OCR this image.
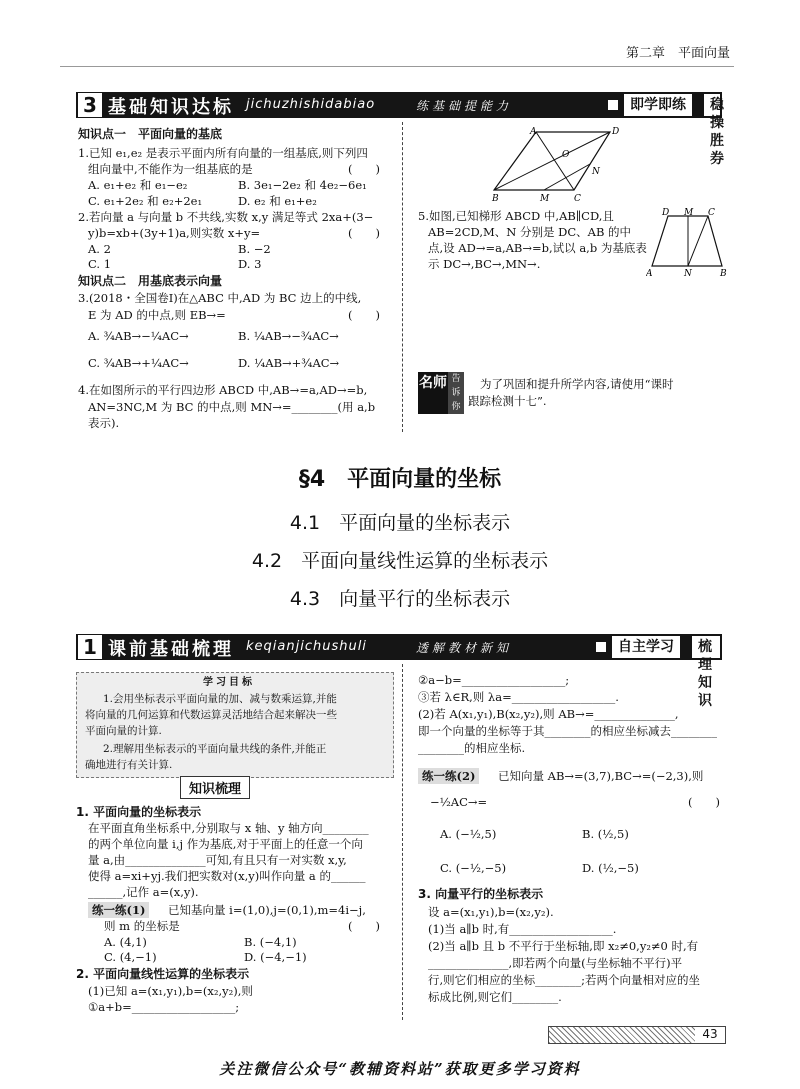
第二章　平面向量
3 基础知识达标 jichuzhishidabiao	练基础提能力	即学即练	稳操胜券
知识点一　平面向量的基底
1.已知 e₁,e₂ 是表示平面内所有向量的一组基底,则下列四
组向量中,不能作为一组基底的是	(　　)
A. e₁+e₂ 和 e₁−e₂	B. 3e₁−2e₂ 和 4e₂−6e₁
C. e₁+2e₂ 和 e₂+2e₁	D. e₂ 和 e₁+e₂
2.若向量 a 与向量 b 不共线,实数 x,y 满足等式 2xa+(3−
y)b=xb+(3y+1)a,则实数 x+y=	(　　)
A. 2	B. −2
C. 1	D. 3
知识点二　用基底表示向量
3.(2018・全国卷Ⅰ)在△ABC 中,AD 为 BC 边上的中线,
E 为 AD 的中点,则 EB→=	(　　)
A. ¾AB→−¼AC→	B. ¼AB→−¾AC→
C. ¾AB→+¼AC→	D. ¼AB→+¾AC→
4.在如图所示的平行四边形 ABCD 中,AB→=a,AD→=b,
AN=3NC,M 为 BC 的中点,则 MN→=________(用 a,b
表示).
A	D
O
N
B	M	C
5.如图,已知梯形 ABCD 中,AB∥CD,且
AB=2CD,M、N 分别是 DC、AB 的中
点,设 AD→=a,AB→=b,试以 a,b 为基底表
示 DC→,BC→,MN→.
D M C
A	N	B
名师 告诉你
为了巩固和提升所学内容,请使用“课时
跟踪检测十七”.
§4　平面向量的坐标
4.1　平面向量的坐标表示
4.2　平面向量线性运算的坐标表示
4.3　向量平行的坐标表示
1 课前基础梳理 keqianjichushuli	透解教材新知	自主学习	梳理知识
学习目标
1.会用坐标表示平面向量的加、减与数乘运算,并能
将向量的几何运算和代数运算灵活地结合起来解决一些
平面向量的计算.
2.理解用坐标表示的平面向量共线的条件,并能正
确地进行有关计算.
知识梳理
1. 平面向量的坐标表示
在平面直角坐标系中,分别取与 x 轴、y 轴方向________
的两个单位向量 i,j 作为基底,对于平面上的任意一个向
量 a,由______________可知,有且只有一对实数 x,y,
使得 a=xi+yj.我们把实数对(x,y)叫作向量 a 的______
______,记作 a=(x,y).
练一练(1)	已知基向量 i=(1,0),j=(0,1),m=4i−j,
则 m 的坐标是	(　　)
A. (4,1)	B. (−4,1)
C. (4,−1)	D. (−4,−1)
2. 平面向量线性运算的坐标表示
(1)已知 a=(x₁,y₁),b=(x₂,y₂),则
①a+b=__________________;
②a−b=__________________;
③若 λ∈R,则 λa=__________________.
(2)若 A(x₁,y₁),B(x₂,y₂),则 AB→=______________,
即一个向量的坐标等于其________的相应坐标减去________
________的相应坐标.
练一练(2)	已知向量 AB→=(3,7),BC→=(−2,3),则
−½AC→=	(　　)
A. (−½,5)	B. (½,5)
C. (−½,−5)	D. (½,−5)
3. 向量平行的坐标表示
设 a=(x₁,y₁),b=(x₂,y₂).
(1)当 a∥b 时,有__________________.
(2)当 a∥b 且 b 不平行于坐标轴,即 x₂≠0,y₂≠0 时,有
______________,即若两个向量(与坐标轴不平行)平
行,则它们相应的坐标________;若两个向量相对应的坐
标成比例,则它们________.
43
关注微信公众号“教辅资料站”获取更多学习资料
